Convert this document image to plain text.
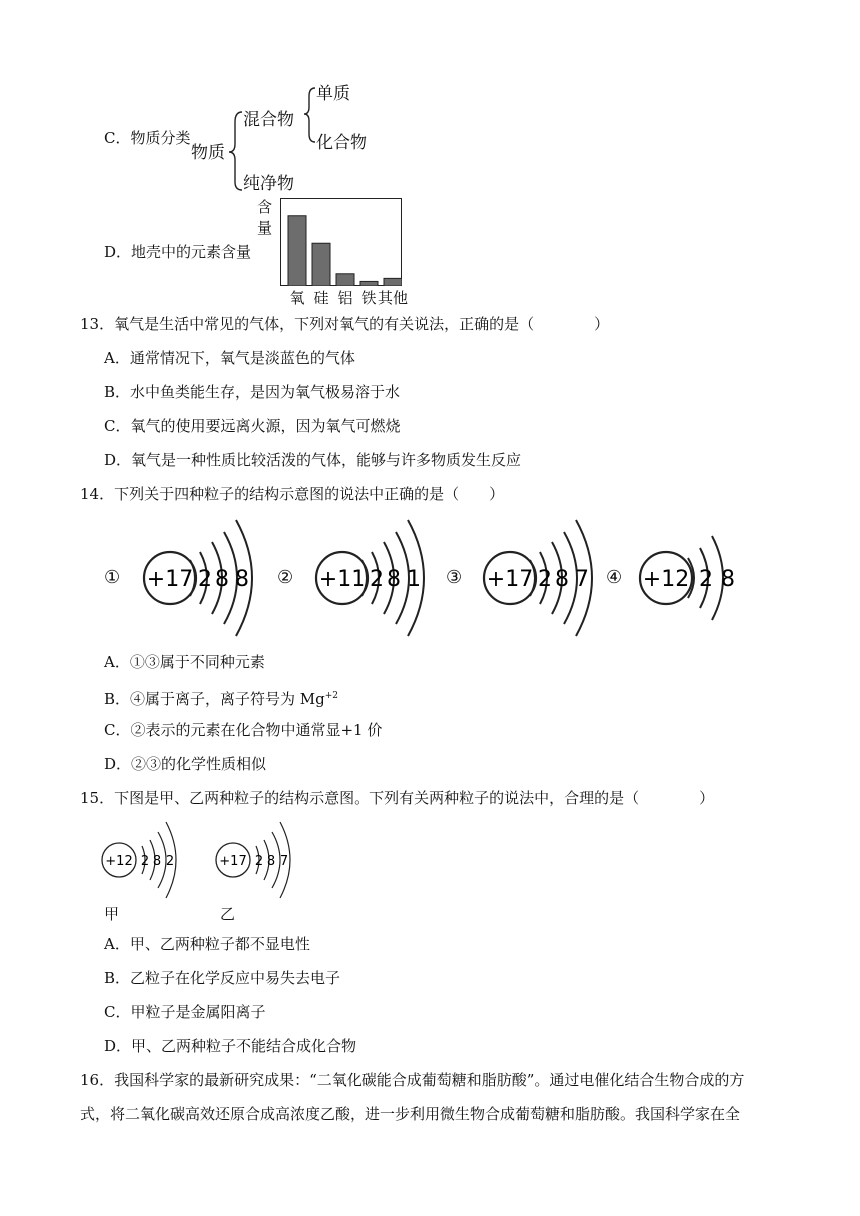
C．物质分类
物质
混合物
纯净物
单质
化合物
D．地壳中的元素含量
含
量
氧 硅 铝 铁 其他
13．氧气是生活中常见的气体，下列对氧气的有关说法，正确的是（　　　　）
A．通常情况下，氧气是淡蓝色的气体
B．水中鱼类能生存，是因为氧气极易溶于水
C．氧气的使用要远离火源，因为氧气可燃烧
D．氧气是一种性质比较活泼的气体，能够与许多物质发生反应
14．下列关于四种粒子的结构示意图的说法中正确的是（　　）
① +17 2 8 8 ② +11 2 8 1 ③ +17 2 8 7 ④ +12 2 8
A．①③属于不同种元素
B．④属于离子，离子符号为 $Mg^{+2}$
C．②表示的元素在化合物中通常显+1 价
D．②③的化学性质相似
15．下图是甲、乙两种粒子的结构示意图。下列有关两种粒子的说法中，合理的是（　　　　）
+12 2 8 2
甲
+17 2 8 7
乙
A．甲、乙两种粒子都不显电性
B．乙粒子在化学反应中易失去电子
C．甲粒子是金属阳离子
D．甲、乙两种粒子不能结合成化合物
16．我国科学家的最新研究成果：“二氧化碳能合成葡萄糖和脂肪酸”。通过电催化结合生物合成的方
式，将二氧化碳高效还原合成高浓度乙酸，进一步利用微生物合成葡萄糖和脂肪酸。我国科学家在全
